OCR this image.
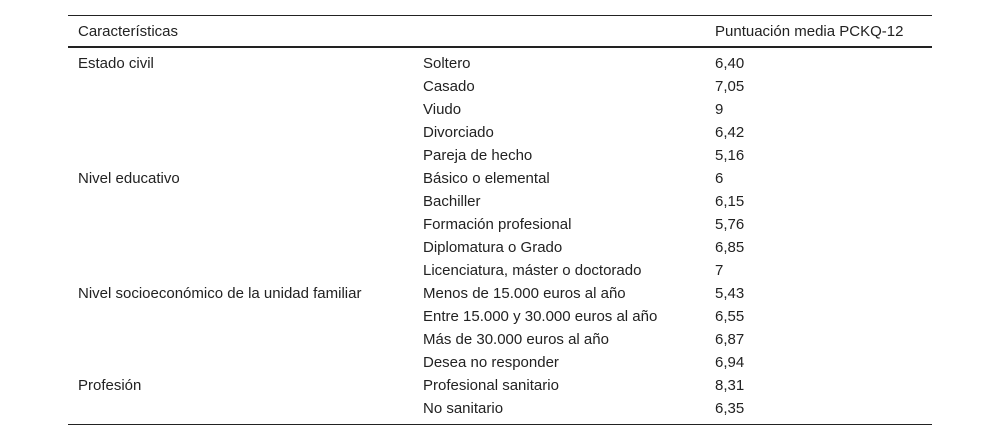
Características		Puntuación media PCKQ-12
Estado civil	Soltero	6,40
	Casado	7,05
	Viudo	9
	Divorciado	6,42
	Pareja de hecho	5,16
Nivel educativo	Básico o elemental	6
	Bachiller	6,15
	Formación profesional	5,76
	Diplomatura o Grado	6,85
	Licenciatura, máster o doctorado	7
Nivel socioeconómico de la unidad familiar	Menos de 15.000 euros al año	5,43
	Entre 15.000 y 30.000 euros al año	6,55
	Más de 30.000 euros al año	6,87
	Desea no responder	6,94
Profesión	Profesional sanitario	8,31
	No sanitario	6,35
